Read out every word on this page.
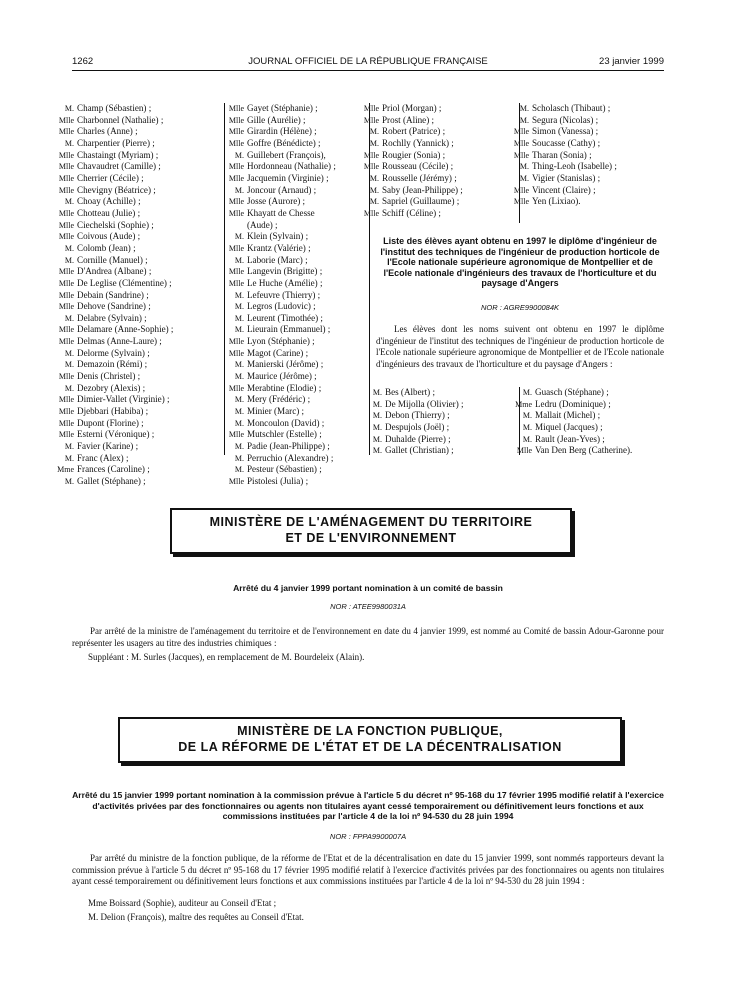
1262	JOURNAL OFFICIEL DE LA RÉPUBLIQUE FRANÇAISE	23 janvier 1999
M. Champ (Sébastien) ;
Mlle Charbonnel (Nathalie) ;
Mlle Charles (Anne) ;
M. Charpentier (Pierre) ;
Mlle Chastaingt (Myriam) ;
Mlle Chavaudret (Camille) ;
Mlle Cherrier (Cécile) ;
Mlle Chevigny (Béatrice) ;
M. Choay (Achille) ;
Mlle Chotteau (Julie) ;
Mlle Ciechelski (Sophie) ;
Mlle Coivous (Aude) ;
M. Colomb (Jean) ;
M. Cornille (Manuel) ;
Mlle D'Andrea (Albane) ;
Mlle De Leglise (Clémentine) ;
Mlle Debain (Sandrine) ;
Mlle Dehove (Sandrine) ;
M. Delabre (Sylvain) ;
Mlle Delamare (Anne-Sophie) ;
Mlle Delmas (Anne-Laure) ;
M. Delorme (Sylvain) ;
M. Demazoin (Rémi) ;
Mlle Denis (Christel) ;
M. Dezobry (Alexis) ;
Mlle Dimier-Vallet (Virginie) ;
Mlle Djebbari (Habiba) ;
Mlle Dupont (Florine) ;
Mlle Esterni (Véronique) ;
M. Favier (Karine) ;
M. Franc (Alex) ;
Mme Frances (Caroline) ;
M. Gallet (Stéphane) ;
Mlle Gayet (Stéphanie) ;
Mlle Gille (Aurélie) ;
Mlle Girardin (Hélène) ;
Mlle Goffre (Bénédicte) ;
M. Guillebert (François),
Mlle Hordonneau (Nathalie) ;
Mlle Jacquemin (Virginie) ;
M. Joncour (Arnaud) ;
Mlle Josse (Aurore) ;
Mlle Khayatt de Chesse
(Aude) ;
M. Klein (Sylvain) ;
Mlle Krantz (Valérie) ;
M. Laborie (Marc) ;
Mlle Langevin (Brigitte) ;
Mlle Le Huche (Amélie) ;
M. Lefeuvre (Thierry) ;
M. Legros (Ludovic) ;
M. Leurent (Timothée) ;
M. Lieurain (Emmanuel) ;
Mlle Lyon (Stéphanie) ;
Mlle Magot (Carine) ;
M. Manierski (Jérôme) ;
M. Maurice (Jérôme) ;
Mlle Merabtine (Elodie) ;
M. Mery (Frédéric) ;
M. Minier (Marc) ;
M. Moncoulon (David) ;
Mlle Mutschler (Estelle) ;
M. Padie (Jean-Philippe) ;
M. Perruchio (Alexandre) ;
M. Pesteur (Sébastien) ;
Mlle Pistolesi (Julia) ;
Mlle Priol (Morgan) ;
Mlle Prost (Aline) ;
M. Robert (Patrice) ;
M. Rochlly (Yannick) ;
Mlle Rougier (Sonia) ;
Mlle Rousseau (Cécile) ;
M. Rousselle (Jérémy) ;
M. Saby (Jean-Philippe) ;
M. Sapriel (Guillaume) ;
Mlle Schiff (Céline) ;
M. Scholasch (Thibaut) ;
M. Segura (Nicolas) ;
Mlle Simon (Vanessa) ;
Mlle Soucasse (Cathy) ;
Mlle Tharan (Sonia) ;
M. Thing-Leoh (Isabelle) ;
M. Vigier (Stanislas) ;
Mlle Vincent (Claire) ;
Mlle Yen (Lixiao).
Liste des élèves ayant obtenu en 1997 le diplôme d'ingénieur de l'institut des techniques de l'ingénieur de production horticole de l'Ecole nationale supérieure agronomique de Montpellier et de l'Ecole nationale d'ingénieurs des travaux de l'horticulture et du paysage d'Angers
NOR : AGRE9900084K

Les élèves dont les noms suivent ont obtenu en 1997 le diplôme d'ingénieur de l'institut des techniques de l'ingénieur de production horticole de l'Ecole nationale supérieure agronomique de Montpellier et de l'Ecole nationale d'ingénieurs des travaux de l'horticulture et du paysage d'Angers :

M. Bes (Albert) ;
M. De Mijolla (Olivier) ;
M. Debon (Thierry) ;
M. Despujols (Joël) ;
M. Duhalde (Pierre) ;
M. Gallet (Christian) ;
M. Guasch (Stéphane) ;
Mme Ledru (Dominique) ;
M. Mallait (Michel) ;
M. Miquel (Jacques) ;
M. Rault (Jean-Yves) ;
Mlle Van Den Berg (Catherine).
MINISTÈRE DE L'AMÉNAGEMENT DU TERRITOIRE
ET DE L'ENVIRONNEMENT
Arrêté du 4 janvier 1999 portant nomination à un comité de bassin
NOR : ATEE9980031A

Par arrêté de la ministre de l'aménagement du territoire et de l'environnement en date du 4 janvier 1999, est nommé au Comité de bassin Adour-Garonne pour représenter les usagers au titre des industries chimiques :

Suppléant : M. Surles (Jacques), en remplacement de M. Bourdeleix (Alain).

MINISTÈRE DE LA FONCTION PUBLIQUE,
DE LA RÉFORME DE L'ÉTAT ET DE LA DÉCENTRALISATION
Arrêté du 15 janvier 1999 portant nomination à la commission prévue à l'article 5 du décret nº 95-168 du 17 février 1995 modifié relatif à l'exercice d'activités privées par des fonctionnaires ou agents non titulaires ayant cessé temporairement ou définitivement leurs fonctions et aux commissions instituées par l'article 4 de la loi nº 94-530 du 28 juin 1994
NOR : FPPA9900007A

Par arrêté du ministre de la fonction publique, de la réforme de l'Etat et de la décentralisation en date du 15 janvier 1999, sont nommés rapporteurs devant la commission prévue à l'article 5 du décret nº 95-168 du 17 février 1995 modifié relatif à l'exercice d'activités privées par des fonctionnaires ou agents non titulaires ayant cessé temporairement ou définitivement leurs fonctions et aux commissions instituées par l'article 4 de la loi nº 94-530 du 28 juin 1994 :

Mme Boissard (Sophie), auditeur au Conseil d'Etat ;
M. Delion (François), maître des requêtes au Conseil d'Etat.
